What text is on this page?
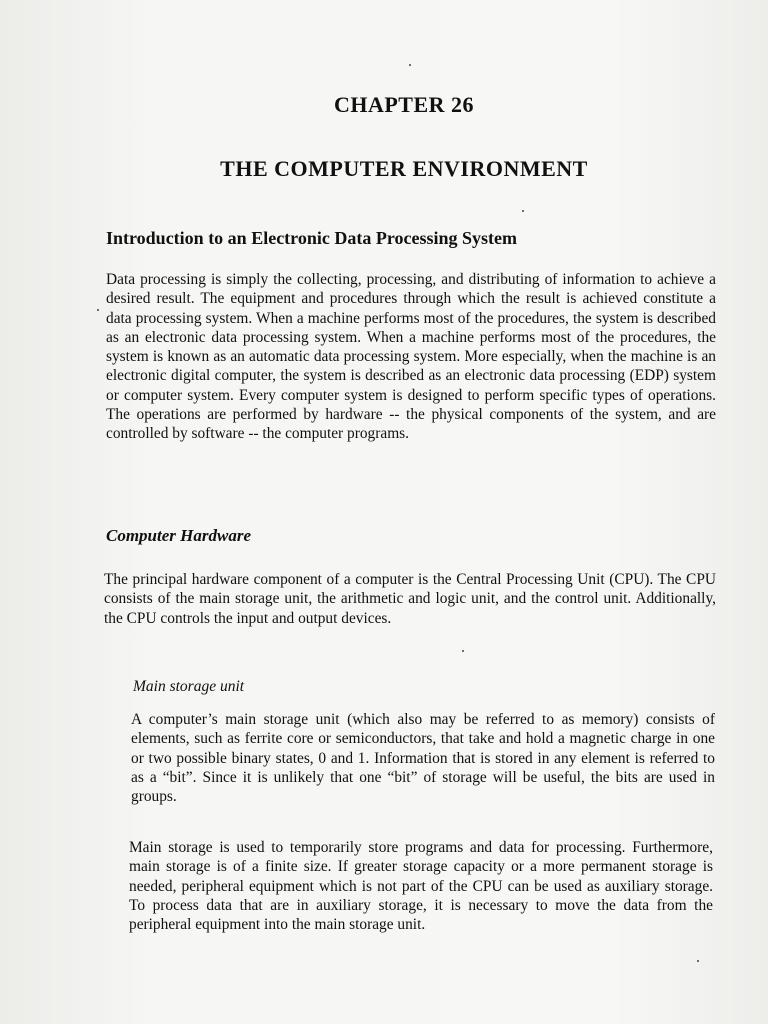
CHAPTER 26
THE COMPUTER ENVIRONMENT
Introduction to an Electronic Data Processing System
Data processing is simply the collecting, processing, and distributing of information to achieve a desired result. The equipment and procedures through which the result is achieved constitute a data processing system. When a machine performs most of the procedures, the system is described as an electronic data processing system. When a machine performs most of the procedures, the system is known as an automatic data processing system. More especially, when the machine is an electronic digital computer, the system is described as an electronic data processing (EDP) system or computer system. Every computer system is designed to perform specific types of operations. The operations are performed by hardware -- the physical components of the system, and are controlled by software -- the computer programs.
Computer Hardware
The principal hardware component of a computer is the Central Processing Unit (CPU). The CPU consists of the main storage unit, the arithmetic and logic unit, and the control unit. Additionally, the CPU controls the input and output devices.
Main storage unit
A computer’s main storage unit (which also may be referred to as memory) consists of elements, such as ferrite core or semiconductors, that take and hold a magnetic charge in one or two possible binary states, 0 and 1. Information that is stored in any element is referred to as a “bit”. Since it is unlikely that one “bit” of storage will be useful, the bits are used in groups.
Main storage is used to temporarily store programs and data for processing. Furthermore, main storage is of a finite size. If greater storage capacity or a more permanent storage is needed, peripheral equipment which is not part of the CPU can be used as auxiliary storage. To process data that are in auxiliary storage, it is necessary to move the data from the peripheral equipment into the main storage unit.
